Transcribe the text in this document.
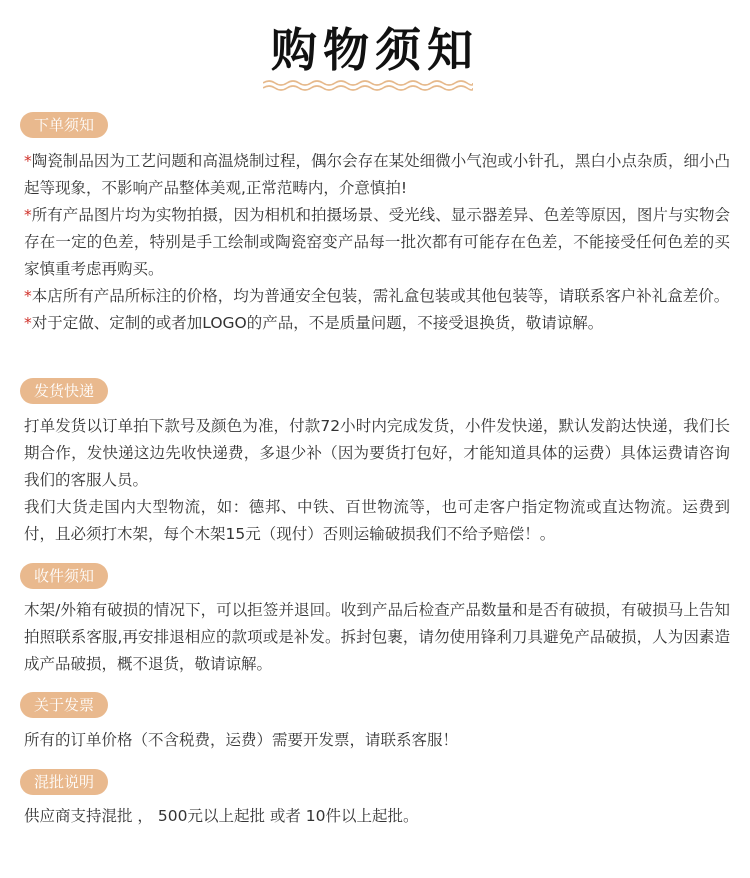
购物须知
下单须知

*陶瓷制品因为工艺问题和高温烧制过程，偶尔会存在某处细微小气泡或小针孔，黑白小点杂质，细小凸起等现象，不影响产品整体美观,正常范畴内，介意慎拍!

*所有产品图片均为实物拍摄，因为相机和拍摄场景、受光线、显示器差异、色差等原因，图片与实物会存在一定的色差，特别是手工绘制或陶瓷窑变产品每一批次都有可能存在色差，不能接受任何色差的买家慎重考虑再购买。

*本店所有产品所标注的价格，均为普通安全包装，需礼盒包装或其他包装等，请联系客户补礼盒差价。

*对于定做、定制的或者加LOGO的产品，不是质量问题，不接受退换货，敬请谅解。

发货快递

打单发货以订单拍下款号及颜色为准，付款72小时内完成发货，小件发快递，默认发韵达快递，我们长期合作，发快递这边先收快递费，多退少补（因为要货打包好，才能知道具体的运费）具体运费请咨询我们的客服人员。

我们大货走国内大型物流，如：德邦、中铁、百世物流等，也可走客户指定物流或直达物流。运费到付，且必须打木架，每个木架15元（现付）否则运输破损我们不给予赔偿！。

收件须知

木架/外箱有破损的情况下，可以拒签并退回。收到产品后检查产品数量和是否有破损，有破损马上告知拍照联系客服,再安排退相应的款项或是补发。拆封包裹，请勿使用锋利刀具避免产品破损，人为因素造成产品破损，概不退货，敬请谅解。

关于发票

所有的订单价格（不含税费，运费）需要开发票，请联系客服！

混批说明

供应商支持混批 ， 500元以上起批 或者 10件以上起批。
